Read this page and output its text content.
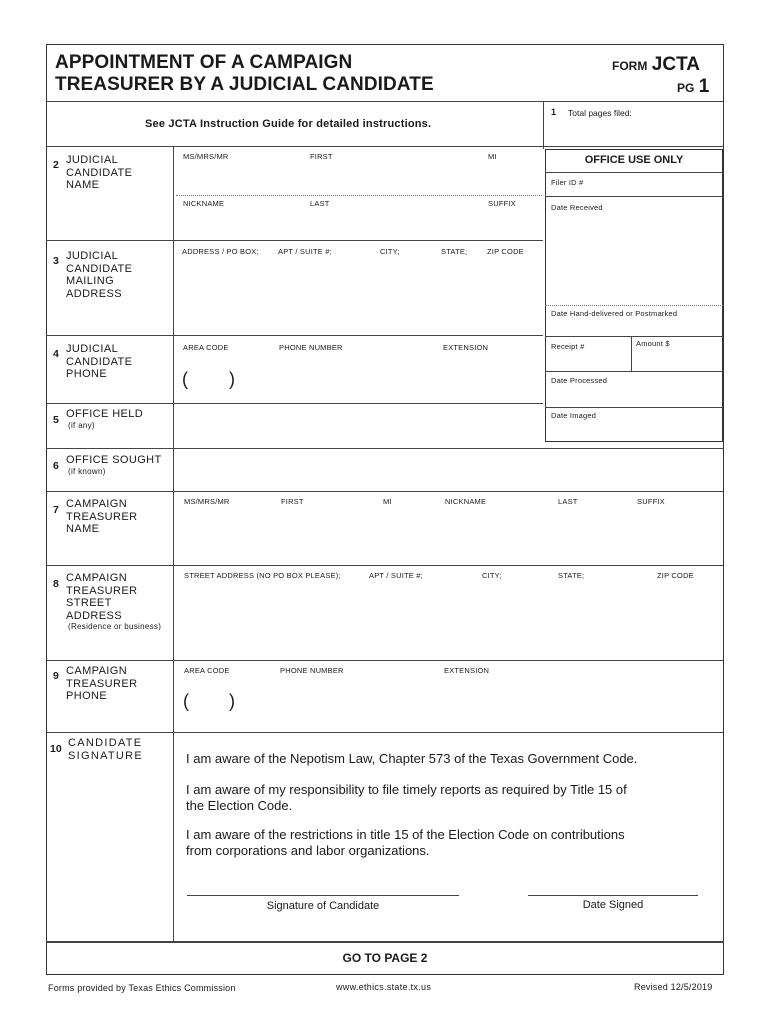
APPOINTMENT OF A CAMPAIGN
TREASURER BY A JUDICIAL CANDIDATE
FORM JCTA
PG 1
See JCTA Instruction Guide for detailed instructions.
1 Total pages filed:
2 JUDICIAL
CANDIDATE
NAME
MS/MRS/MR	FIRST	MI
NICKNAME	LAST	SUFFIX
OFFICE USE ONLY
Filer ID #
Date Received
Date Hand-delivered or Postmarked
Receipt #	Amount $
Date Processed
Date Imaged
3 JUDICIAL
CANDIDATE
MAILING
ADDRESS
ADDRESS / PO BOX;	APT / SUITE #;	CITY;	STATE;	ZIP CODE
4 JUDICIAL
CANDIDATE
PHONE
AREA CODE	PHONE NUMBER	EXTENSION
( )
5 OFFICE HELD
(if any)
6 OFFICE SOUGHT
(if known)
7 CAMPAIGN
TREASURER
NAME
MS/MRS/MR	FIRST	MI	NICKNAME	LAST	SUFFIX
8 CAMPAIGN
TREASURER
STREET
ADDRESS
(Residence or business)
STREET ADDRESS (NO PO BOX PLEASE);	APT / SUITE #;	CITY;	STATE;	ZIP CODE
9 CAMPAIGN
TREASURER
PHONE
AREA CODE	PHONE NUMBER	EXTENSION
( )
10 CANDIDATE
SIGNATURE	I am aware of the Nepotism Law, Chapter 573 of the Texas Government Code.
I am aware of my responsibility to file timely reports as required by Title 15 of
the Election Code.
I am aware of the restrictions in title 15 of the Election Code on contributions
from corporations and labor organizations.
Signature of Candidate	Date Signed
GO TO PAGE 2
Forms provided by Texas Ethics Commission	www.ethics.state.tx.us	Revised 12/5/2019
